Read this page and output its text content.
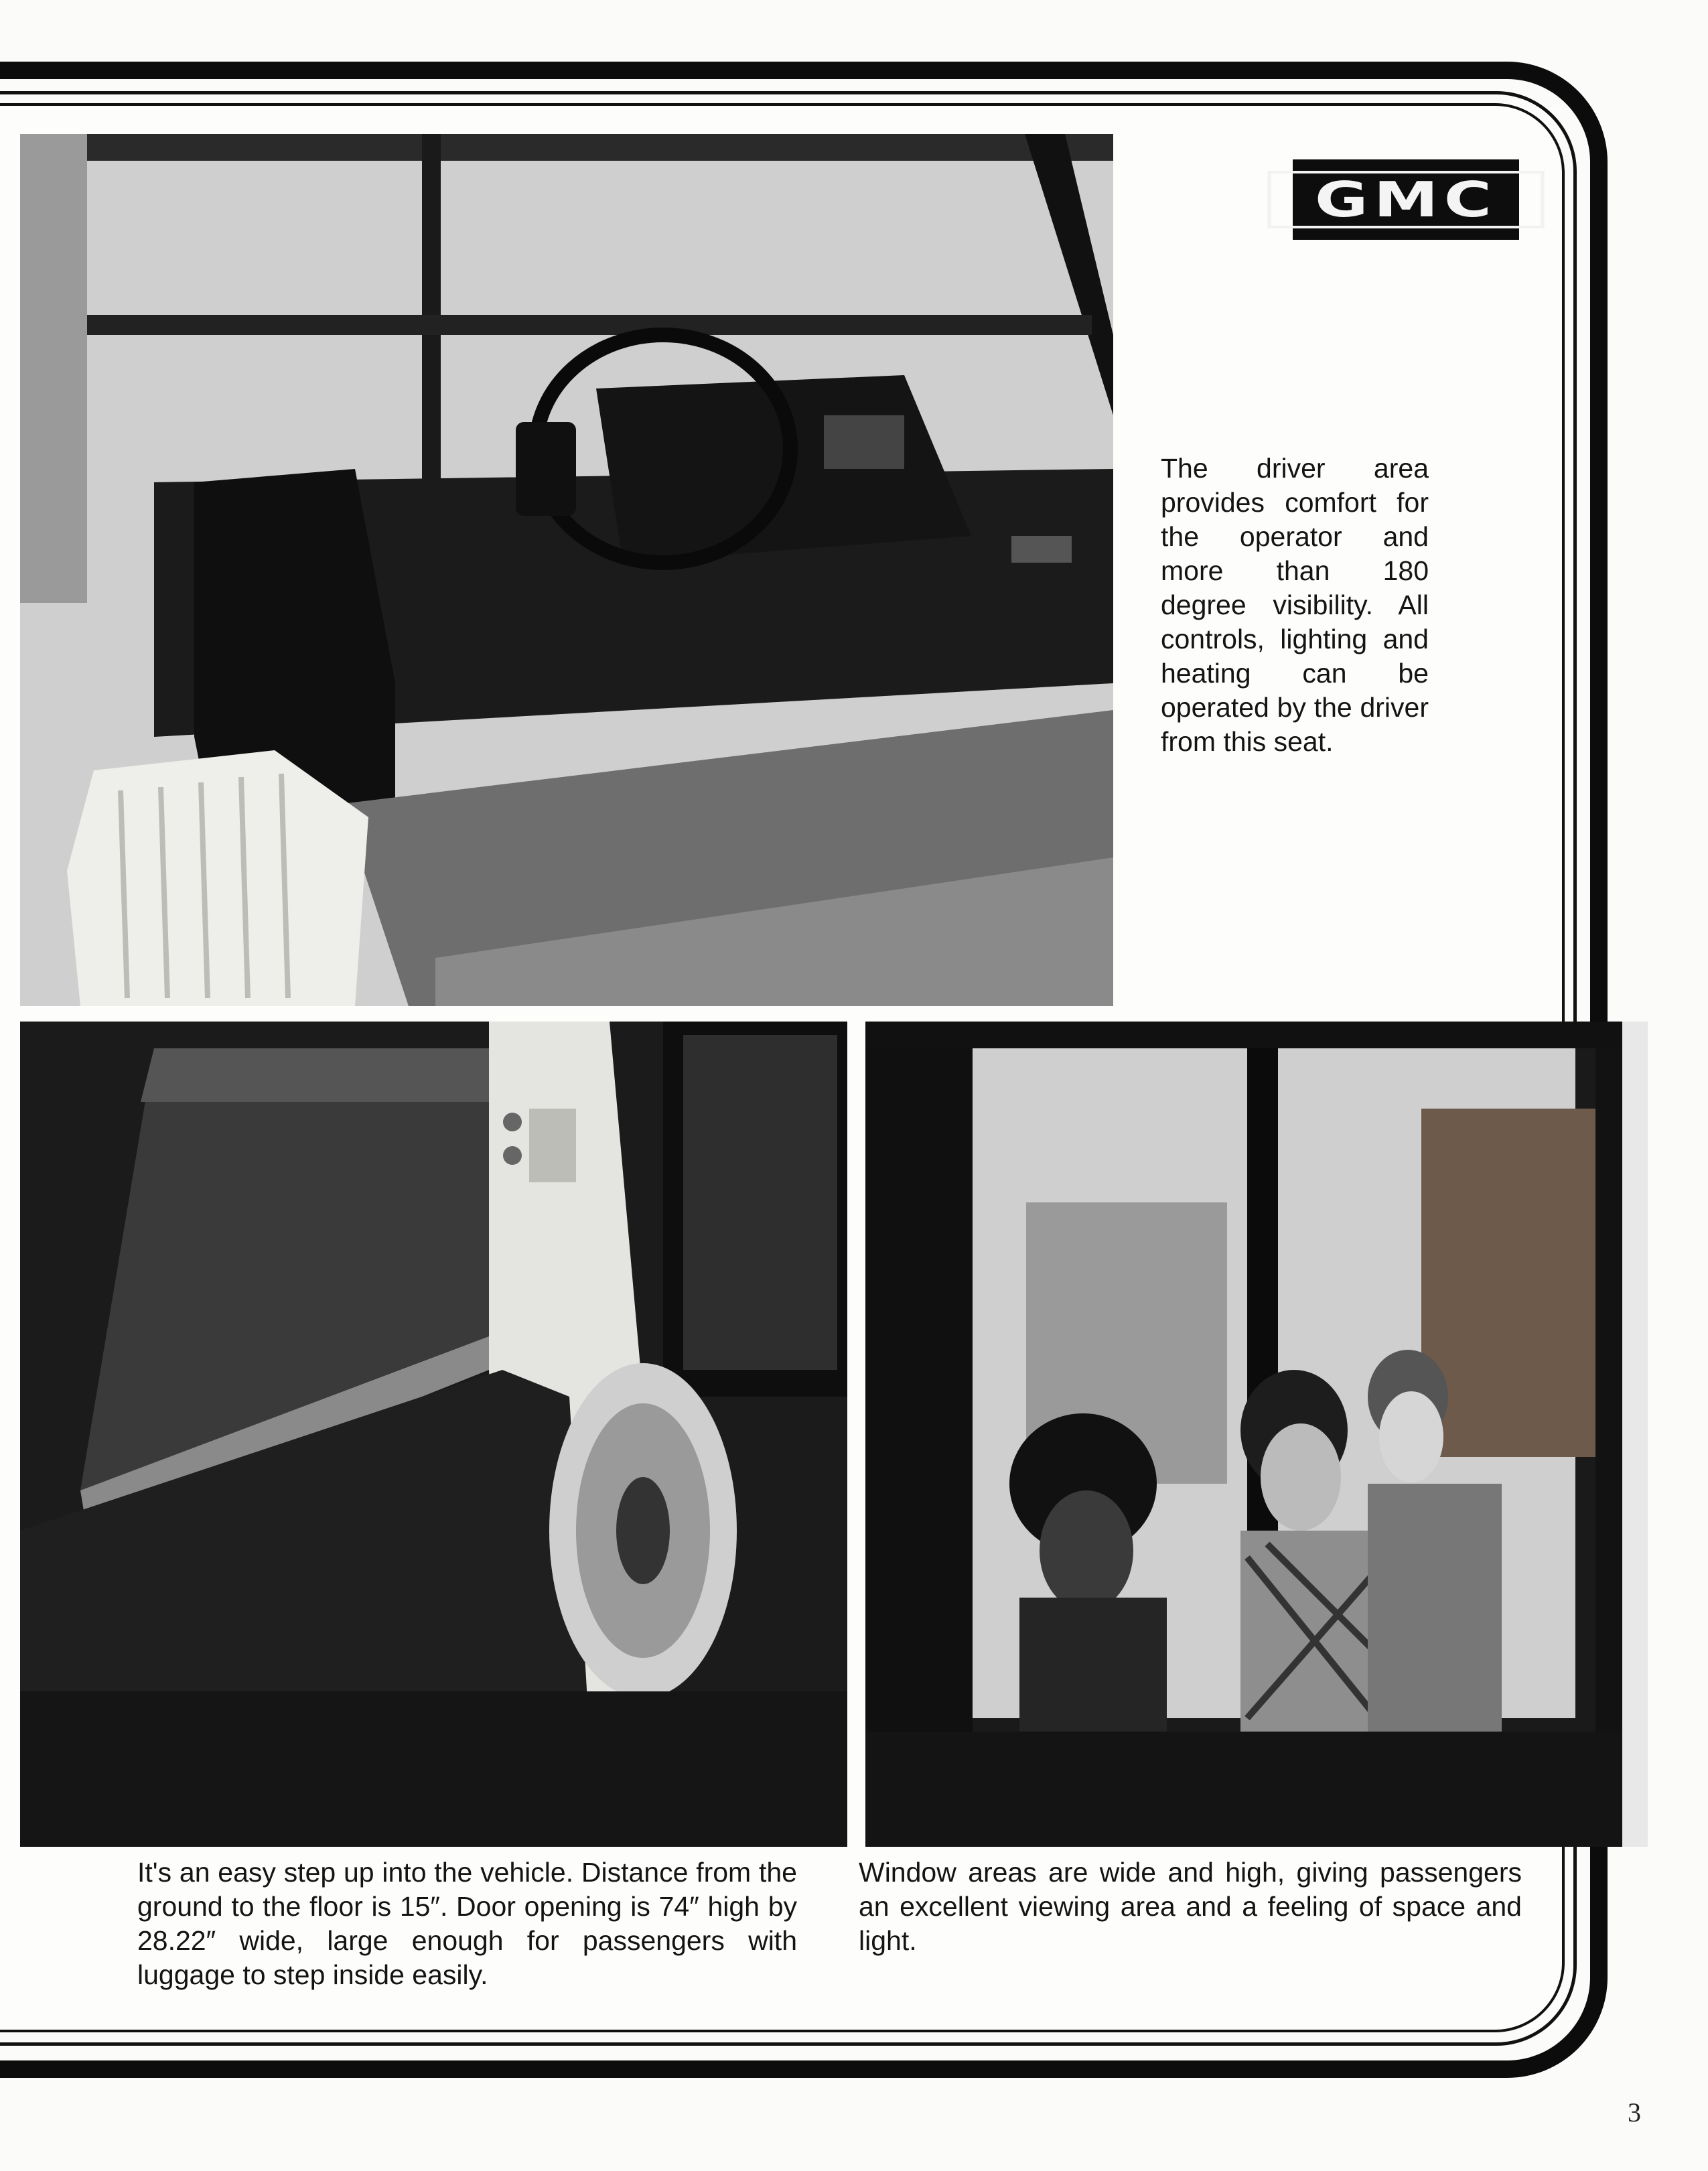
GMC
The driver area provides comfort for the operator and more than 180 degree visibility. All controls, lighting and heating can be operated by the driver from this seat.
It's an easy step up into the vehicle. Distance from the ground to the floor is 15″. Door opening is 74″ high by 28.22″ wide, large enough for passengers with luggage to step inside easily.
Window areas are wide and high, giving passengers an excellent viewing area and a feeling of space and light.
3
